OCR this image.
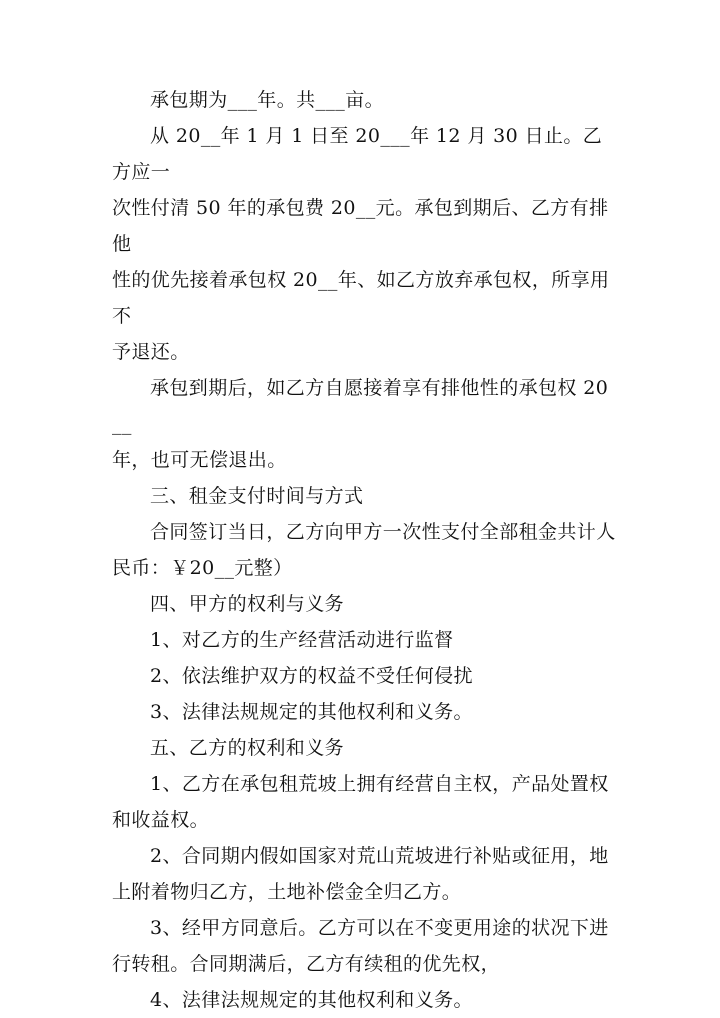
承包期为___年。共___亩。

从 20__年 1 月 1 日至 20___年 12 月 30 日止。乙方应一
次性付清 50 年的承包费 20__元。承包到期后、乙方有排他
性的优先接着承包权 20__年、如乙方放弃承包权，所享用不
予退还。

承包到期后，如乙方自愿接着享有排他性的承包权 20__
年，也可无偿退出。

三、租金支付时间与方式

合同签订当日，乙方向甲方一次性支付全部租金共计人
民币：￥20__元整）

四、甲方的权利与义务

1、对乙方的生产经营活动进行监督

2、依法维护双方的权益不受任何侵扰

3、法律法规规定的其他权利和义务。

五、乙方的权利和义务

1、乙方在承包租荒坡上拥有经营自主权，产品处置权
和收益权。

2、合同期内假如国家对荒山荒坡进行补贴或征用，地
上附着物归乙方，土地补偿金全归乙方。

3、经甲方同意后。乙方可以在不变更用途的状况下进
行转租。合同期满后，乙方有续租的优先权，

4、法律法规规定的其他权利和义务。
